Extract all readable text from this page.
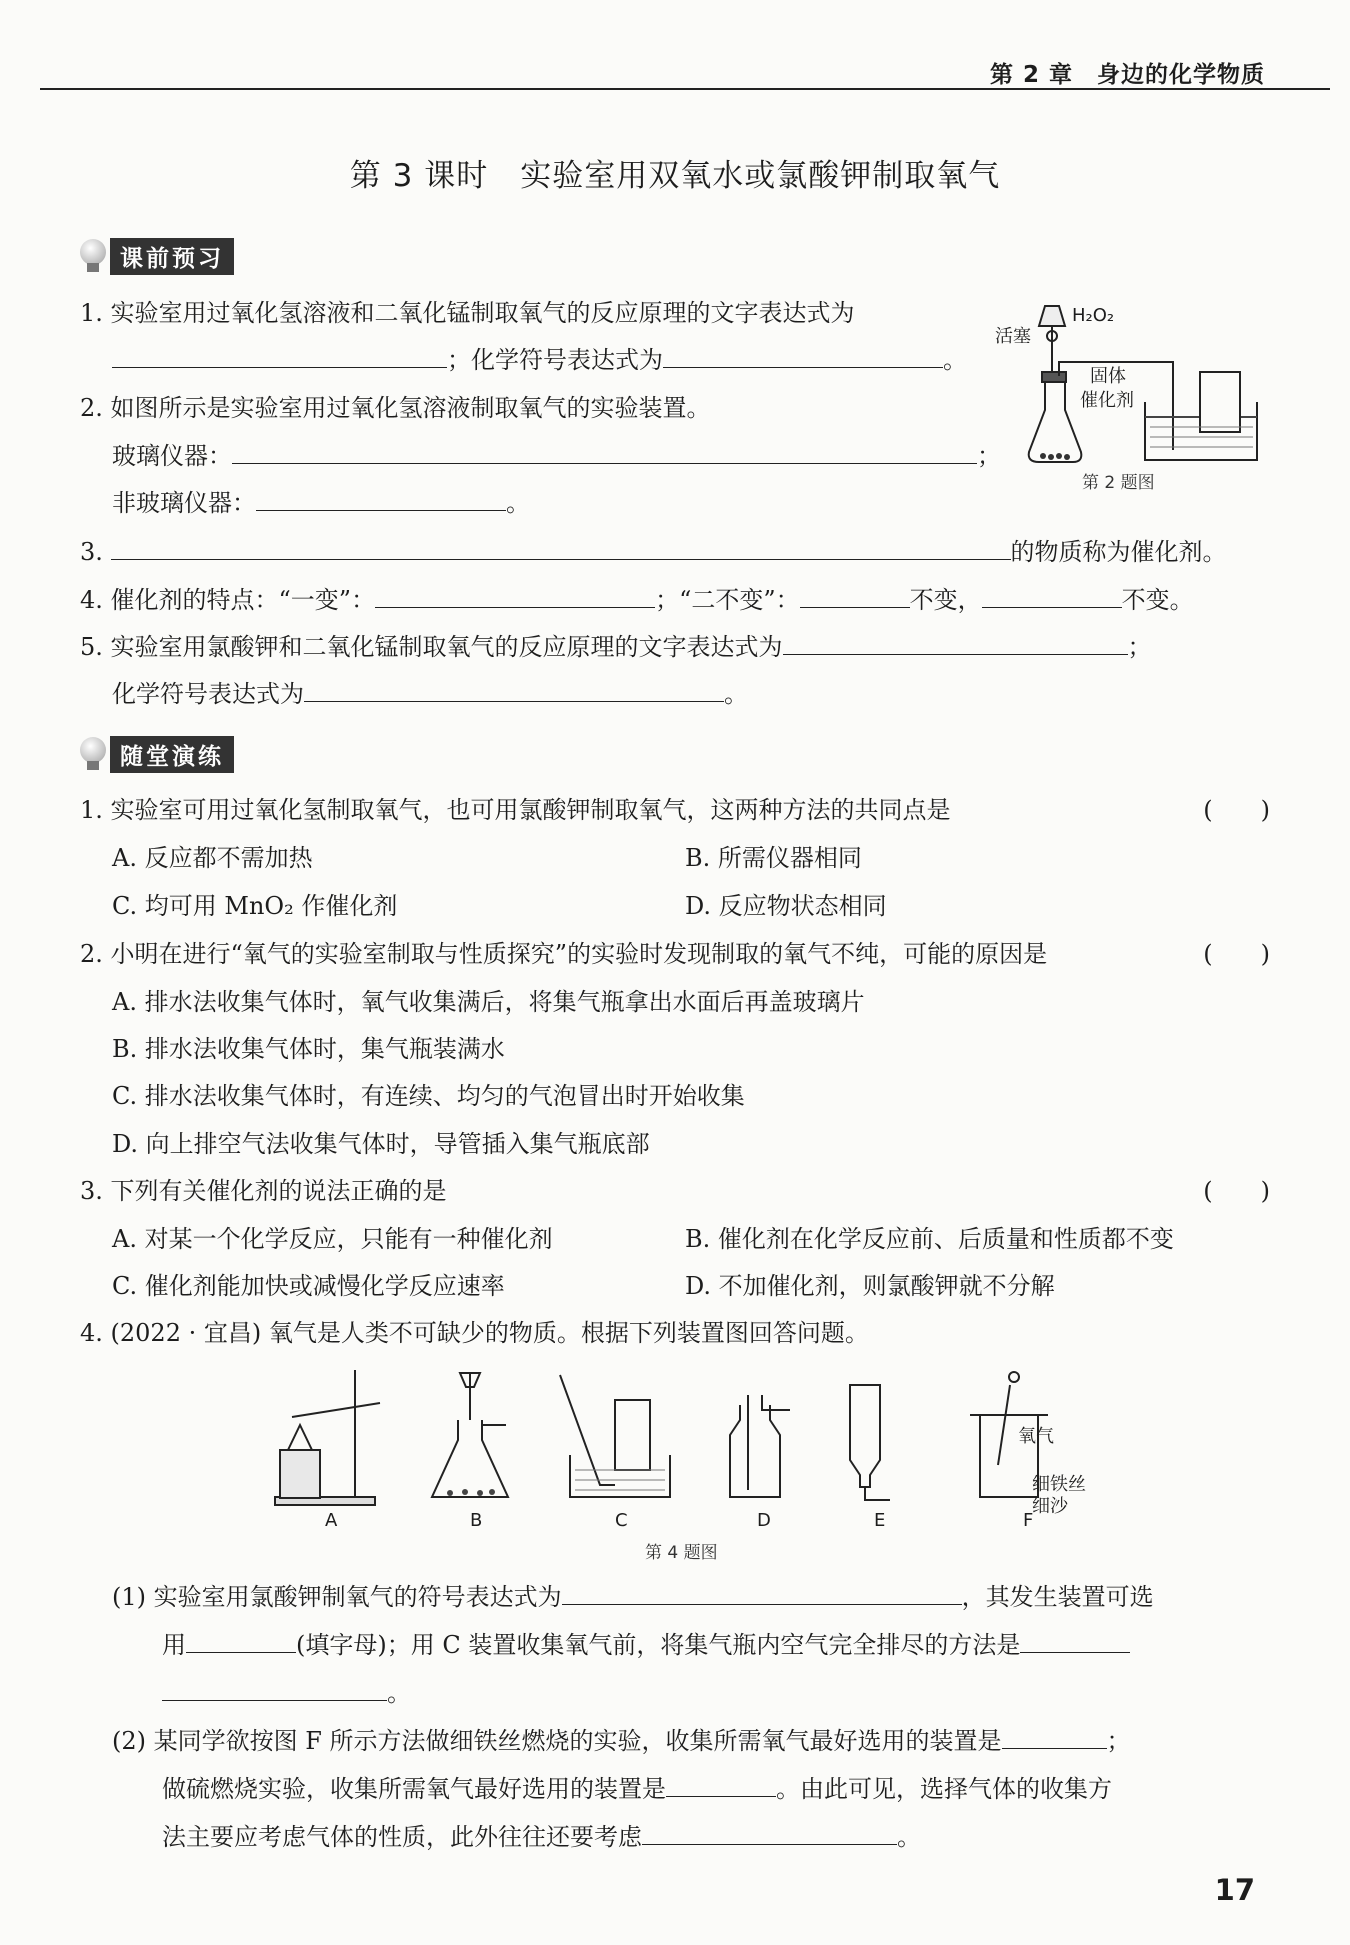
第 2 章　身边的化学物质
第 3 课时　实验室用双氧水或氯酸钾制取氧气
课前预习
1. 实验室用过氧化氢溶液和二氧化锰制取氧气的反应原理的文字表达式为
；化学符号表达式为	。
2. 如图所示是实验室用过氧化氢溶液制取氧气的实验装置。
玻璃仪器：	；
非玻璃仪器：	。
3.	的物质称为催化剂。
4. 催化剂的特点：“一变”：	；“二不变”：	不变，	不变。
5. 实验室用氯酸钾和二氧化锰制取氧气的反应原理的文字表达式为	；
化学符号表达式为	。
活塞
H₂O₂
固体
催化剂
第 2 题图
随堂演练
1. 实验室可用过氧化氢制取氧气，也可用氯酸钾制取氧气，这两种方法的共同点是	(　　)
A. 反应都不需加热	B. 所需仪器相同
C. 均可用 MnO₂ 作催化剂	D. 反应物状态相同
2. 小明在进行“氧气的实验室制取与性质探究”的实验时发现制取的氧气不纯，可能的原因是	(　　)
A. 排水法收集气体时，氧气收集满后，将集气瓶拿出水面后再盖玻璃片
B. 排水法收集气体时，集气瓶装满水
C. 排水法收集气体时，有连续、均匀的气泡冒出时开始收集
D. 向上排空气法收集气体时，导管插入集气瓶底部
3. 下列有关催化剂的说法正确的是	(　　)
A. 对某一个化学反应，只能有一种催化剂	B. 催化剂在化学反应前、后质量和性质都不变
C. 催化剂能加快或减慢化学反应速率	D. 不加催化剂，则氯酸钾就不分解
4. (2022 · 宜昌) 氧气是人类不可缺少的物质。根据下列装置图回答问题。
A	B	C	D	E	F
氧气
细铁丝
细沙
第 4 题图
(1) 实验室用氯酸钾制氧气的符号表达式为	，其发生装置可选
用	(填字母)；用 C 装置收集氧气前，将集气瓶内空气完全排尽的方法是
。
(2) 某同学欲按图 F 所示方法做细铁丝燃烧的实验，收集所需氧气最好选用的装置是	；
做硫燃烧实验，收集所需氧气最好选用的装置是	。由此可见，选择气体的收集方
法主要应考虑气体的性质，此外往往还要考虑	。
17
